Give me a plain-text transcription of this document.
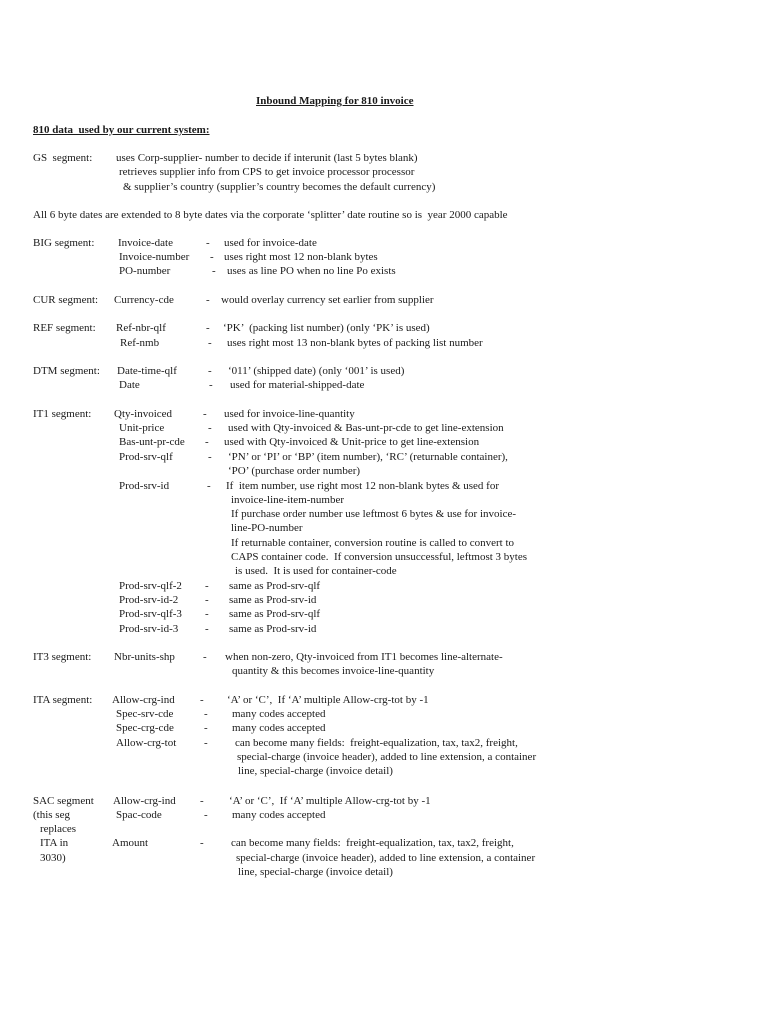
Inbound Mapping for 810 invoice
810 data  used by our current system:
GS  segment: uses Corp-supplier- number to decide if interunit (last 5 bytes blank)
retrieves supplier info from CPS to get invoice processor processor
& supplier’s country (supplier’s country becomes the default currency)
All 6 byte dates are extended to 8 byte dates via the corporate ‘splitter’ date routine so is  year 2000 capable
BIG segment: Invoice-date	- used for invoice-date
Invoice-number - uses right most 12 non-blank bytes
PO-number	- uses as line PO when no line Po exists
CUR segment: Currency-cde	- would overlay currency set earlier from supplier
REF segment: Ref-nbr-qlf	- ‘PK’  (packing list number) (only ‘PK’ is used)
Ref-nmb	- uses right most 13 non-blank bytes of packing list number
DTM segment: Date-time-qlf	- ‘011’ (shipped date) (only ‘001’ is used)
Date	- used for material-shipped-date
IT1 segment: Qty-invoiced	- used for invoice-line-quantity
Unit-price	- used with Qty-invoiced & Bas-unt-pr-cde to get line-extension
Bas-unt-pr-cde - used with Qty-invoiced & Unit-price to get line-extension
Prod-srv-qlf	- ‘PN’ or ‘PI’ or ‘BP’ (item number), ‘RC’ (returnable container),
‘PO’ (purchase order number)
Prod-srv-id	- If  item number, use right most 12 non-blank bytes & used for
invoice-line-item-number
If purchase order number use leftmost 6 bytes & use for invoice-
line-PO-number
If returnable container, conversion routine is called to convert to
CAPS container code.  If conversion unsuccessful, leftmost 3 bytes
is used.  It is used for container-code
Prod-srv-qlf-2 - same as Prod-srv-qlf
Prod-srv-id-2 - same as Prod-srv-id
Prod-srv-qlf-3 - same as Prod-srv-qlf
Prod-srv-id-3 - same as Prod-srv-id
IT3 segment: Nbr-units-shp	- when non-zero, Qty-invoiced from IT1 becomes line-alternate-
quantity & this becomes invoice-line-quantity
ITA segment: Allow-crg-ind - ‘A’ or ‘C’,  If ‘A’ multiple Allow-crg-tot by -1
Spec-srv-cde	- many codes accepted
Spec-crg-cde	- many codes accepted
Allow-crg-tot	- can become many fields:  freight-equalization, tax, tax2, freight,
special-charge (invoice header), added to line extension, a container
line, special-charge (invoice detail)
SAC segment
(this seg
replaces
ITA in
3030)
Allow-crg-ind - ‘A’ or ‘C’,  If ‘A’ multiple Allow-crg-tot by -1
Spac-code	- many codes accepted
Amount	- can become many fields:  freight-equalization, tax, tax2, freight,
special-charge (invoice header), added to line extension, a container
line, special-charge (invoice detail)
